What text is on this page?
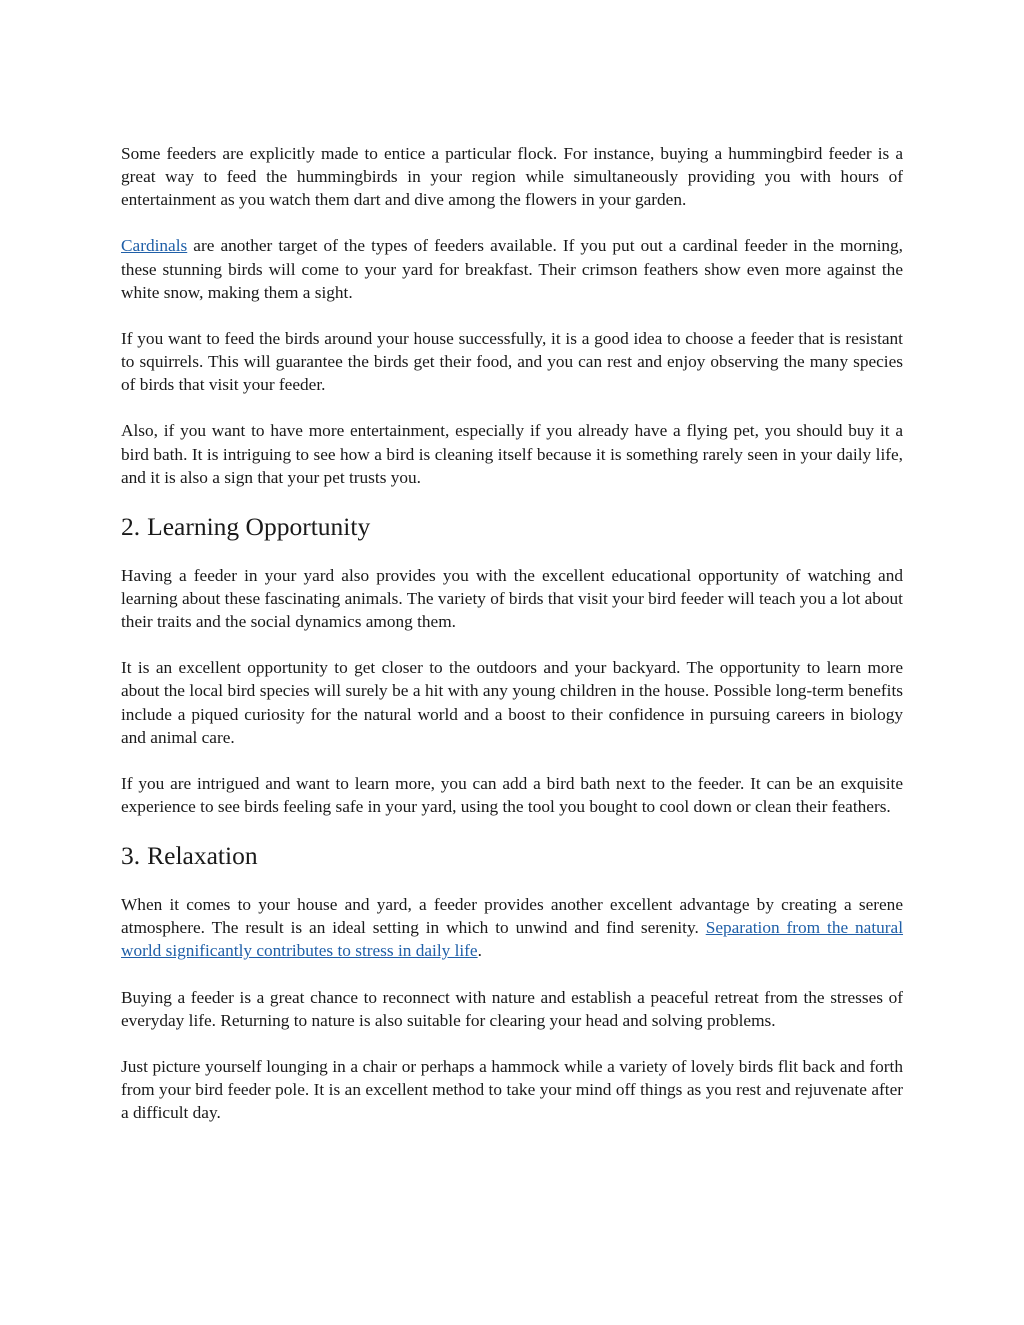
Some feeders are explicitly made to entice a particular flock. For instance, buying a hummingbird feeder is a great way to feed the hummingbirds in your region while simultaneously providing you with hours of entertainment as you watch them dart and dive among the flowers in your garden.

Cardinals are another target of the types of feeders available. If you put out a cardinal feeder in the morning, these stunning birds will come to your yard for breakfast. Their crimson feathers show even more against the white snow, making them a sight.

If you want to feed the birds around your house successfully, it is a good idea to choose a feeder that is resistant to squirrels. This will guarantee the birds get their food, and you can rest and enjoy observing the many species of birds that visit your feeder.

Also, if you want to have more entertainment, especially if you already have a flying pet, you should buy it a bird bath. It is intriguing to see how a bird is cleaning itself because it is something rarely seen in your daily life, and it is also a sign that your pet trusts you.

2. Learning Opportunity

Having a feeder in your yard also provides you with the excellent educational opportunity of watching and learning about these fascinating animals. The variety of birds that visit your bird feeder will teach you a lot about their traits and the social dynamics among them.

It is an excellent opportunity to get closer to the outdoors and your backyard. The opportunity to learn more about the local bird species will surely be a hit with any young children in the house. Possible long-term benefits include a piqued curiosity for the natural world and a boost to their confidence in pursuing careers in biology and animal care.

If you are intrigued and want to learn more, you can add a bird bath next to the feeder. It can be an exquisite experience to see birds feeling safe in your yard, using the tool you bought to cool down or clean their feathers.

3. Relaxation

When it comes to your house and yard, a feeder provides another excellent advantage by creating a serene atmosphere. The result is an ideal setting in which to unwind and find serenity. Separation from the natural world significantly contributes to stress in daily life.

Buying a feeder is a great chance to reconnect with nature and establish a peaceful retreat from the stresses of everyday life. Returning to nature is also suitable for clearing your head and solving problems.

Just picture yourself lounging in a chair or perhaps a hammock while a variety of lovely birds flit back and forth from your bird feeder pole. It is an excellent method to take your mind off things as you rest and rejuvenate after a difficult day.
